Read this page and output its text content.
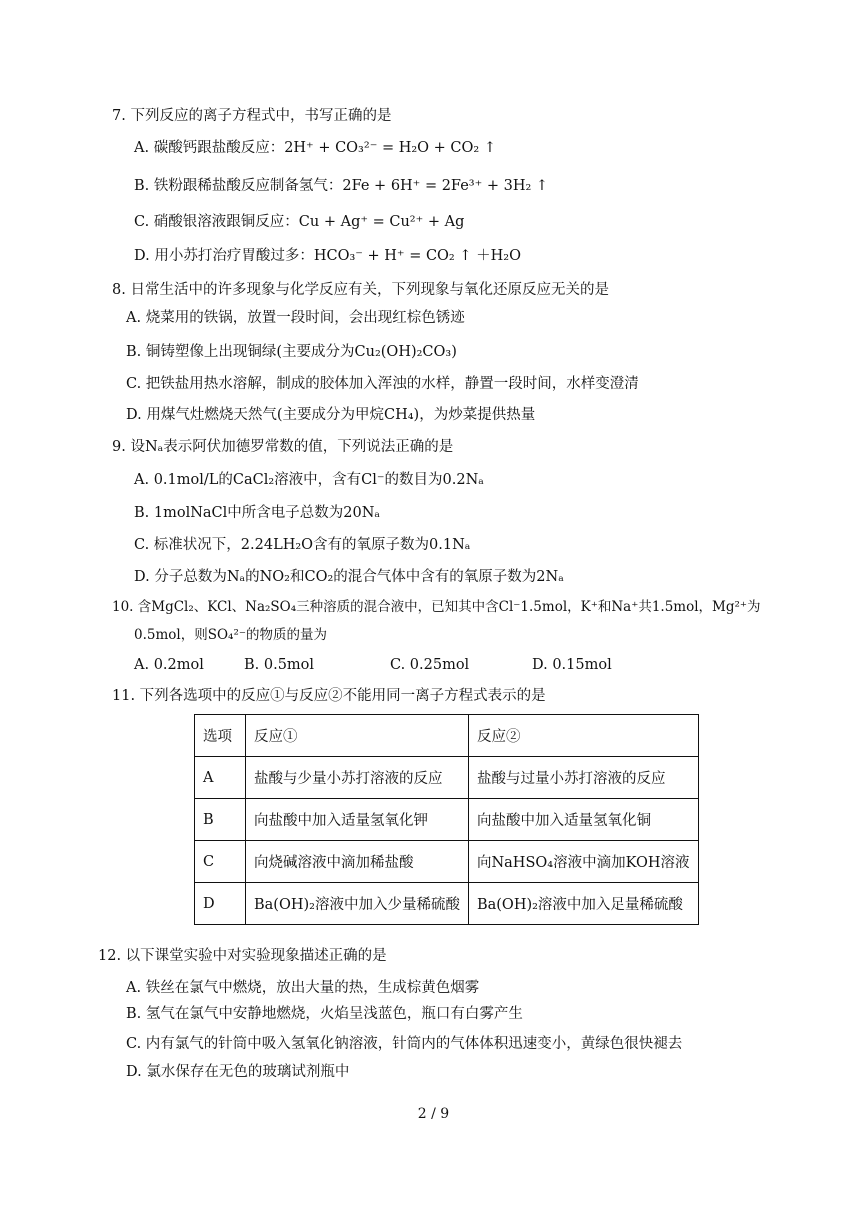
7. 下列反应的离子方程式中，书写正确的是
A. 碳酸钙跟盐酸反应：2H⁺ + CO₃²⁻ = H₂O + CO₂ ↑
B. 铁粉跟稀盐酸反应制备氢气：2Fe + 6H⁺ = 2Fe³⁺ + 3H₂ ↑
C. 硝酸银溶液跟铜反应：Cu + Ag⁺ = Cu²⁺ + Ag
D. 用小苏打治疗胃酸过多：HCO₃⁻ + H⁺ = CO₂ ↑ ＋H₂O
8. 日常生活中的许多现象与化学反应有关，下列现象与氧化还原反应无关的是
A. 烧菜用的铁锅，放置一段时间，会出现红棕色锈迹
B. 铜铸塑像上出现铜绿(主要成分为Cu₂(OH)₂CO₃)
C. 把铁盐用热水溶解，制成的胶体加入浑浊的水样，静置一段时间，水样变澄清
D. 用煤气灶燃烧天然气(主要成分为甲烷CH₄)，为炒菜提供热量
9. 设Nₐ表示阿伏加德罗常数的值，下列说法正确的是
A. 0.1mol/L的CaCl₂溶液中，含有Cl⁻的数目为0.2Nₐ
B. 1molNaCl中所含电子总数为20Nₐ
C. 标准状况下，2.24LH₂O含有的氧原子数为0.1Nₐ
D. 分子总数为Nₐ的NO₂和CO₂的混合气体中含有的氧原子数为2Nₐ
10. 含MgCl₂、KCl、Na₂SO₄三种溶质的混合液中，已知其中含Cl⁻1.5mol，K⁺和Na⁺共1.5mol，Mg²⁺为
0.5mol，则SO₄²⁻的物质的量为
A. 0.2mol	B. 0.5mol	C. 0.25mol	D. 0.15mol
11. 下列各选项中的反应①与反应②不能用同一离子方程式表示的是
选项	反应①	反应②
A	盐酸与少量小苏打溶液的反应	盐酸与过量小苏打溶液的反应
B	向盐酸中加入适量氢氧化钾	向盐酸中加入适量氢氧化铜
C	向烧碱溶液中滴加稀盐酸	向NaHSO₄溶液中滴加KOH溶液
D	Ba(OH)₂溶液中加入少量稀硫酸	Ba(OH)₂溶液中加入足量稀硫酸
12. 以下课堂实验中对实验现象描述正确的是
A. 铁丝在氯气中燃烧，放出大量的热，生成棕黄色烟雾
B. 氢气在氯气中安静地燃烧，火焰呈浅蓝色，瓶口有白雾产生
C. 内有氯气的针筒中吸入氢氧化钠溶液，针筒内的气体体积迅速变小，黄绿色很快褪去
D. 氯水保存在无色的玻璃试剂瓶中
2 / 9
